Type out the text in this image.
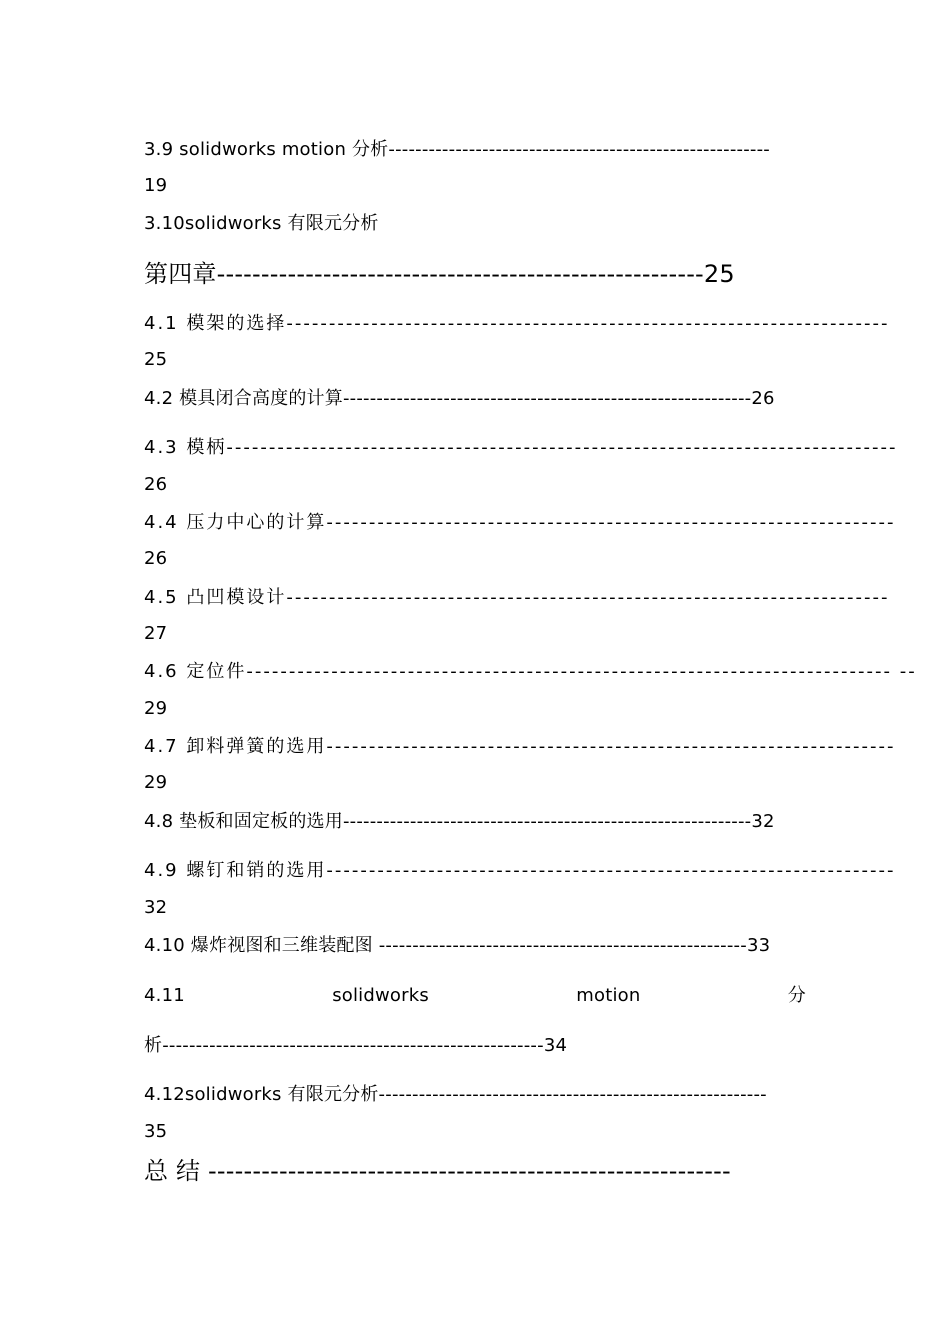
3.9 solidworks motion 分析---------------------------------------------------------
19
3.10solidworks 有限元分析
第四章-------------------------------------------------------25
4.1 模架的选择-----------------------------------------------------------------------
25
4.2 模具闭合高度的计算-------------------------------------------------------------26
4.3 模柄-------------------------------------------------------------------------------
26
4.4 压力中心的计算-------------------------------------------------------------------
26
4.5 凸凹模设计-----------------------------------------------------------------------
27
4.6 定位件---------------------------------------------------------------------------- --
29
4.7 卸料弹簧的选用-------------------------------------------------------------------
29
4.8 垫板和固定板的选用-------------------------------------------------------------32
4.9 螺钉和销的选用-------------------------------------------------------------------
32
4.10 爆炸视图和三维装配图 -------------------------------------------------------33
4.11	solidworks	motion	分
析---------------------------------------------------------34
4.12solidworks 有限元分析----------------------------------------------------------
35
总 结 -----------------------------------------------------------
